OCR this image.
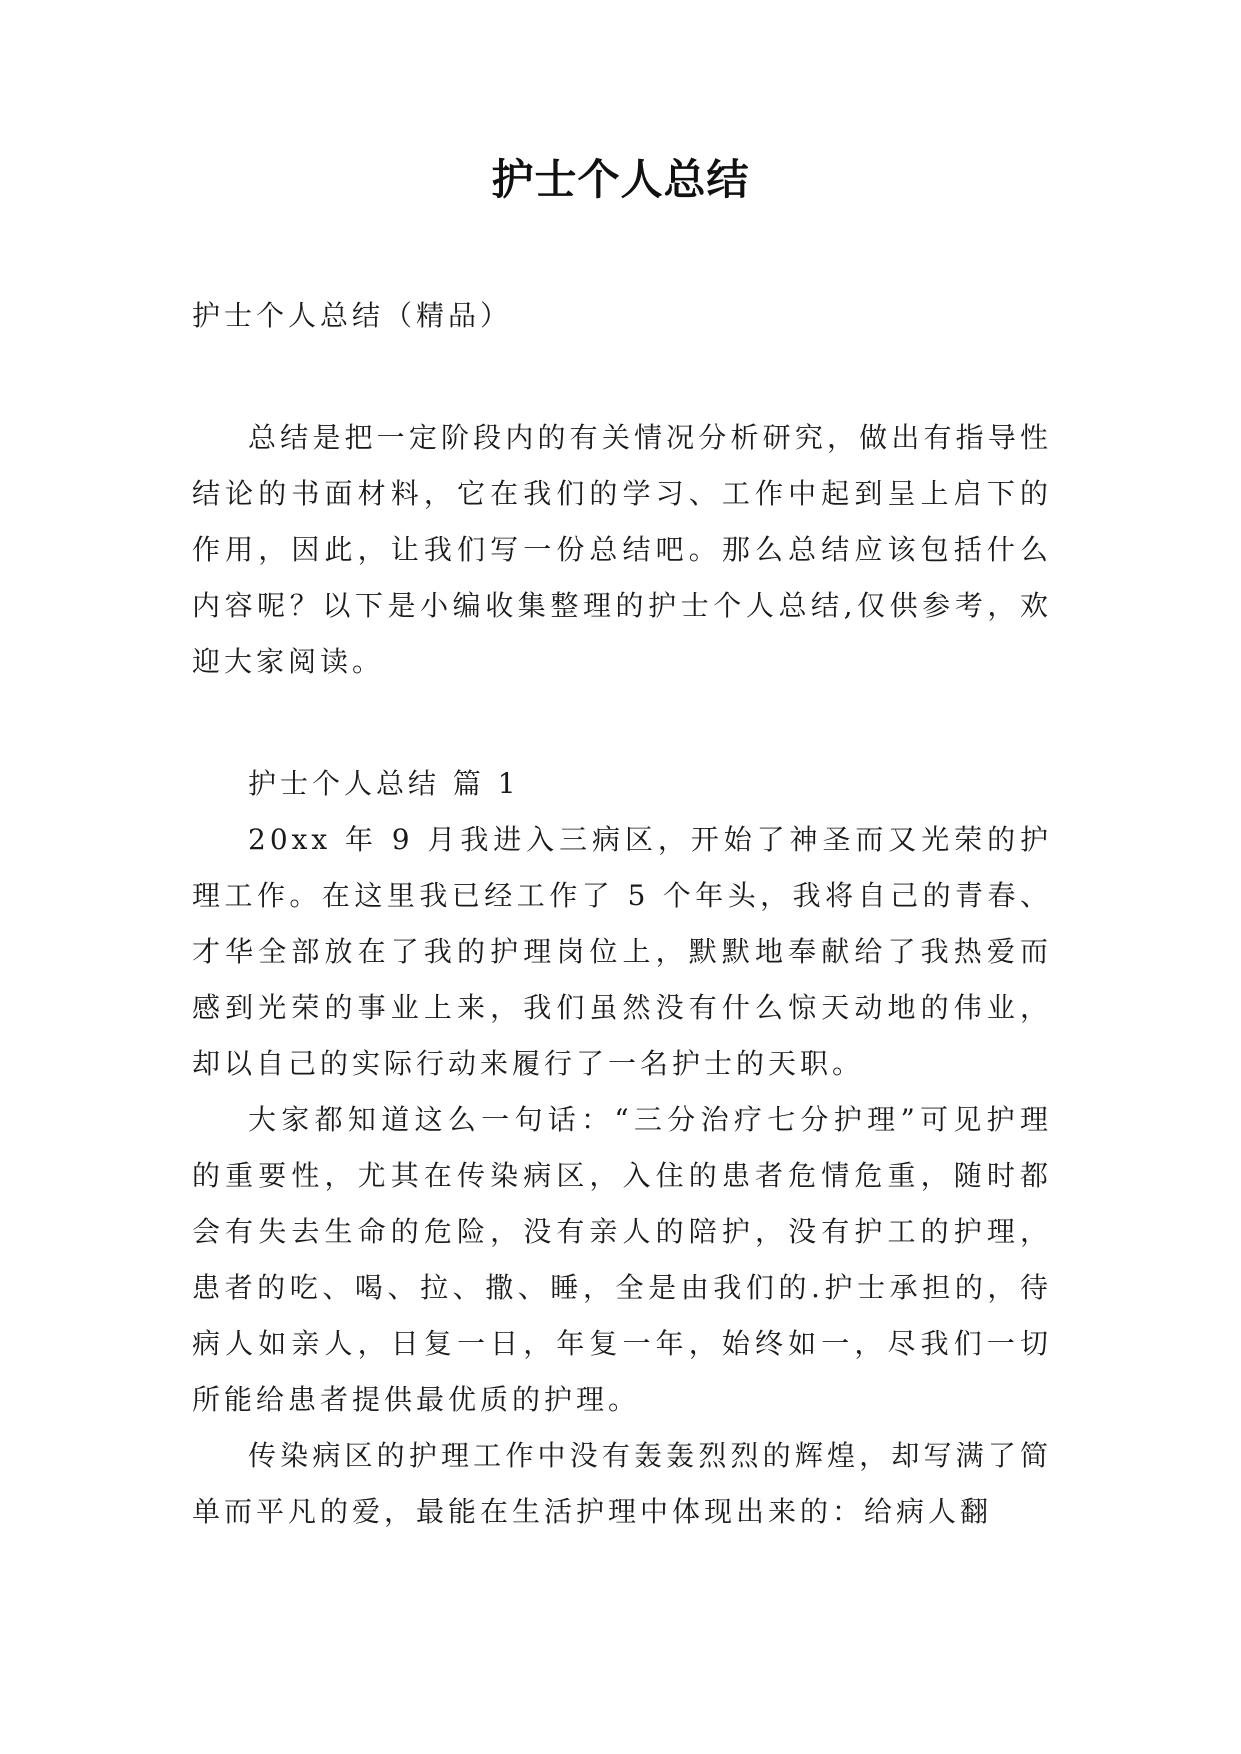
护士个人总结
护士个人总结（精品）

总结是把一定阶段内的有关情况分析研究，做出有指导性结论的书面材料，它在我们的学习、工作中起到呈上启下的作用，因此，让我们写一份总结吧。那么总结应该包括什么内容呢？以下是小编收集整理的护士个人总结,仅供参考，欢迎大家阅读。

护士个人总结 篇 1

20xx 年 9 月我进入三病区，开始了神圣而又光荣的护理工作。在这里我已经工作了 5 个年头，我将自己的青春、才华全部放在了我的护理岗位上，默默地奉献给了我热爱而感到光荣的事业上来，我们虽然没有什么惊天动地的伟业，却以自己的实际行动来履行了一名护士的天职。

大家都知道这么一句话：“三分治疗七分护理”可见护理的重要性，尤其在传染病区，入住的患者危情危重，随时都会有失去生命的危险，没有亲人的陪护，没有护工的护理，患者的吃、喝、拉、撒、睡，全是由我们的.护士承担的，待病人如亲人，日复一日，年复一年，始终如一，尽我们一切所能给患者提供最优质的护理。

传染病区的护理工作中没有轰轰烈烈的辉煌，却写满了简单而平凡的爱，最能在生活护理中体现出来的：给病人翻
